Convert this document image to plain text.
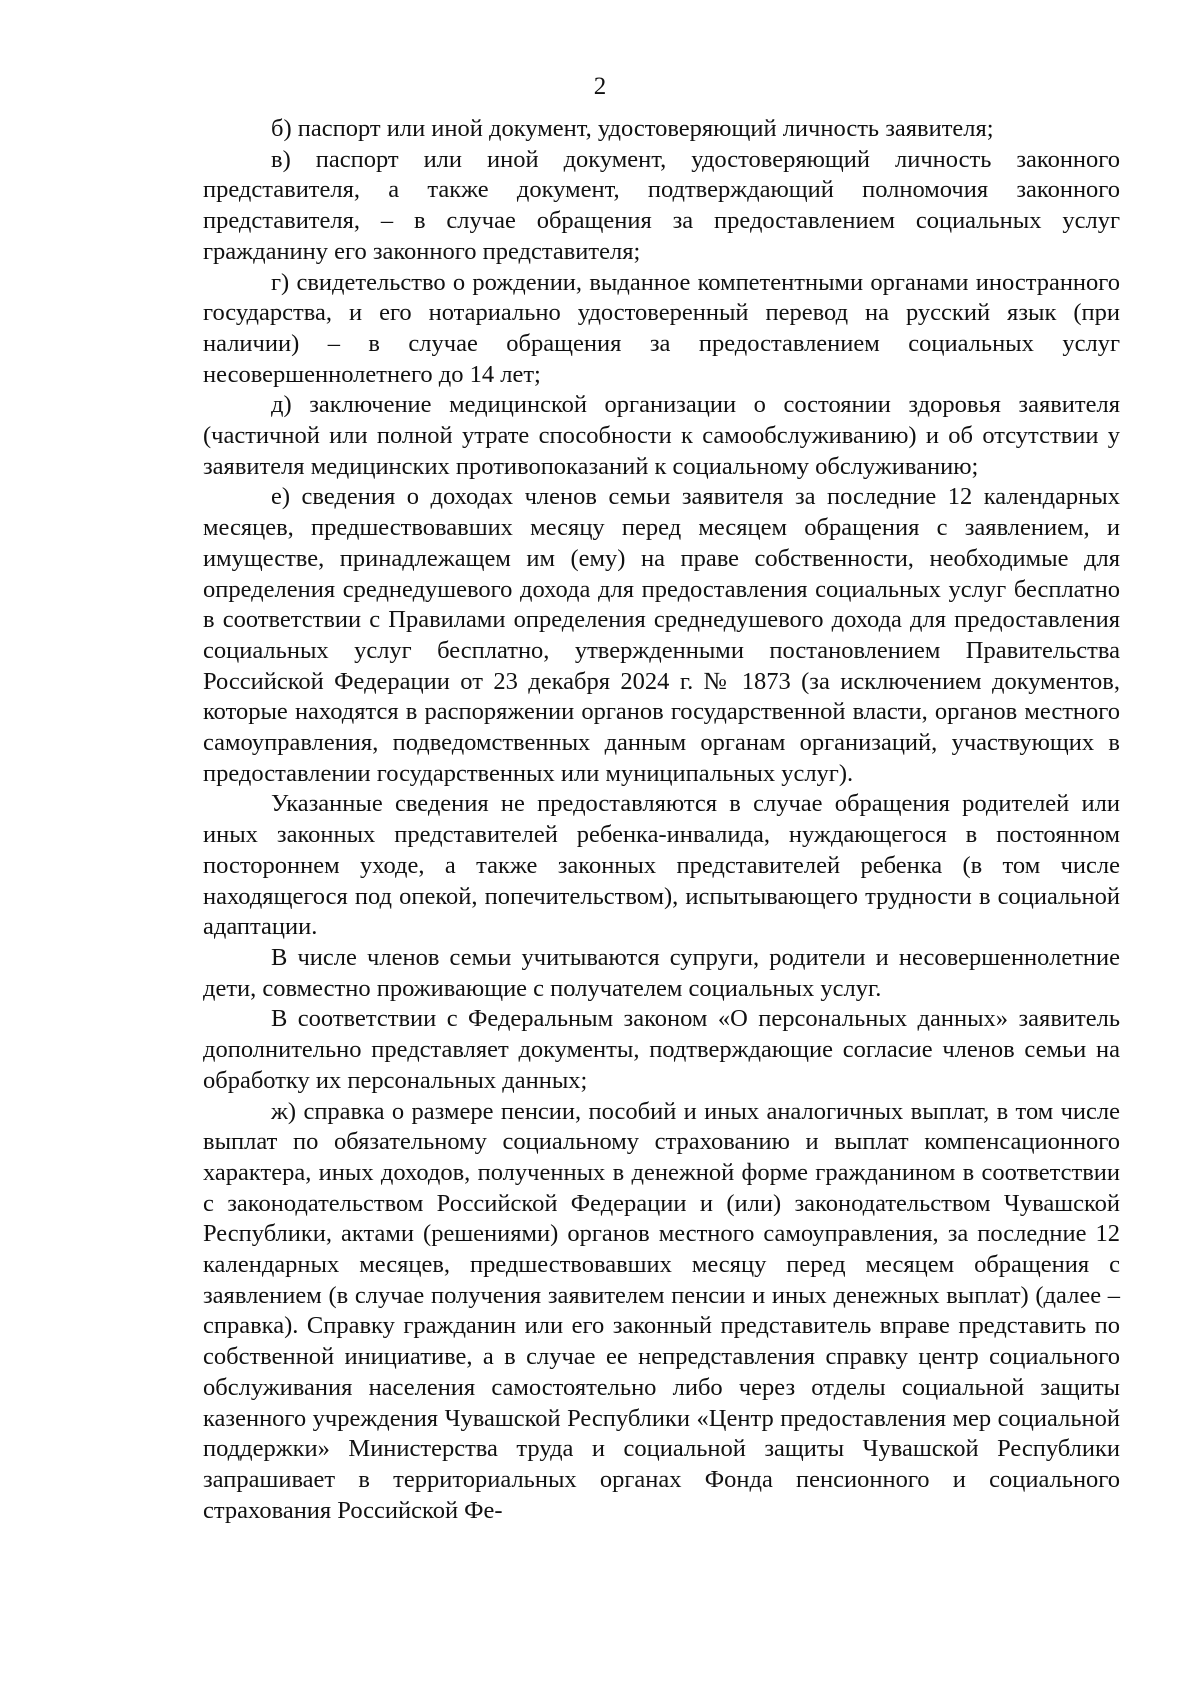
2

б) паспорт или иной документ, удостоверяющий личность заявителя;

в) паспорт или иной документ, удостоверяющий личность законного представителя, а также документ, подтверждающий полномочия законного представителя, – в случае обращения за предоставлением социальных услуг гражданину его законного представителя;

г) свидетельство о рождении, выданное компетентными органами иностранного государства, и его нотариально удостоверенный перевод на русский язык (при наличии) – в случае обращения за предоставлением социальных услуг несовершеннолетнего до 14 лет;

д) заключение медицинской организации о состоянии здоровья заявителя (частичной или полной утрате способности к самообслуживанию) и об отсутствии у заявителя медицинских противопоказаний к социальному обслуживанию;

е) сведения о доходах членов семьи заявителя за последние 12 календарных месяцев, предшествовавших месяцу перед месяцем обращения с заявлением, и имуществе, принадлежащем им (ему) на праве собственности, необходимые для определения среднедушевого дохода для предоставления социальных услуг бесплатно в соответствии с Правилами определения среднедушевого дохода для предоставления социальных услуг бесплатно, утвержденными постановлением Правительства Российской Федерации от 23 декабря 2024 г. № 1873 (за исключением документов, которые находятся в распоряжении органов государственной власти, органов местного самоуправления, подведомственных данным органам организаций, участвующих в предоставлении государственных или муниципальных услуг).

Указанные сведения не предоставляются в случае обращения родителей или иных законных представителей ребенка-инвалида, нуждающегося в постоянном постороннем уходе, а также законных представителей ребенка (в том числе находящегося под опекой, попечительством), испытывающего трудности в социальной адаптации.

В числе членов семьи учитываются супруги, родители и несовершеннолетние дети, совместно проживающие с получателем социальных услуг.

В соответствии с Федеральным законом «О персональных данных» заявитель дополнительно представляет документы, подтверждающие согласие членов семьи на обработку их персональных данных;

ж) справка о размере пенсии, пособий и иных аналогичных выплат, в том числе выплат по обязательному социальному страхованию и выплат компенсационного характера, иных доходов, полученных в денежной форме гражданином в соответствии с законодательством Российской Федерации и (или) законодательством Чувашской Республики, актами (решениями) органов местного самоуправления, за последние 12 календарных месяцев, предшествовавших месяцу перед месяцем обращения с заявлением (в случае получения заявителем пенсии и иных денежных выплат) (далее – справка). Справку гражданин или его законный представитель вправе представить по собственной инициативе, а в случае ее непредставления справку центр социального обслуживания населения самостоятельно либо через отделы социальной защиты казенного учреждения Чувашской Республики «Центр предоставления мер социальной поддержки» Министерства труда и социальной защиты Чувашской Республики запрашивает в территориальных органах Фонда пенсионного и социального страхования Российской Фе-
